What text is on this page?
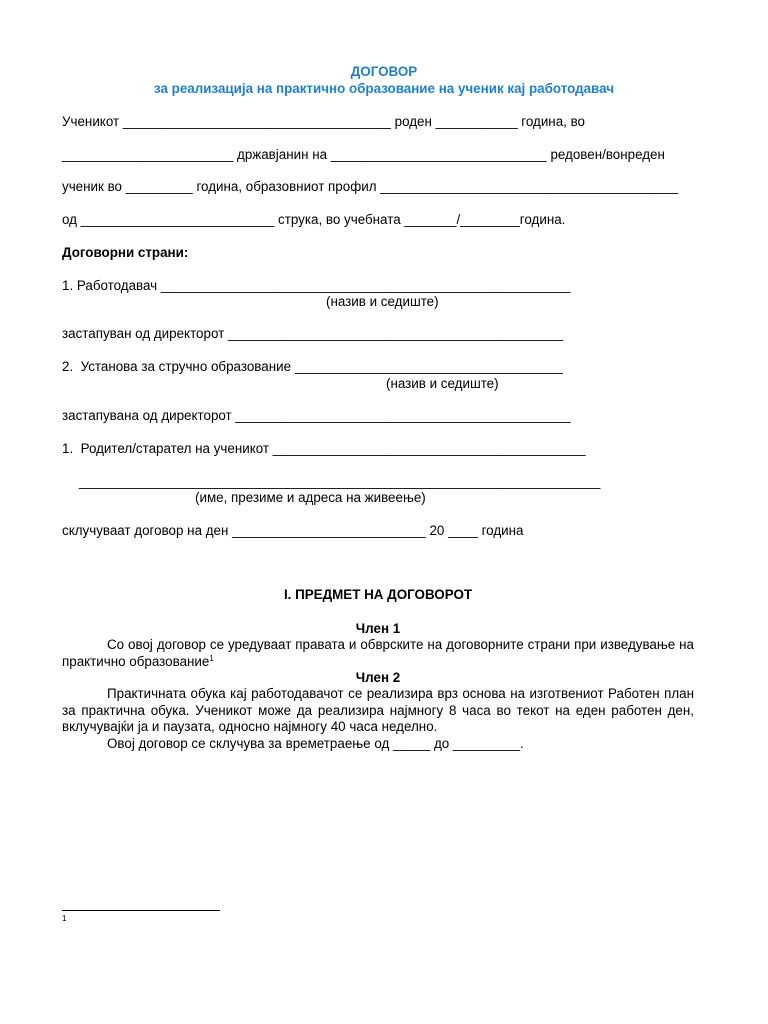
ДОГОВОР
за реализација на практично образование на ученик кај работодавач
Ученикот ____________________________________ роден ___________ година, во
_______________________ државјанин на _____________________________ редовен/вонреден
ученик во _________ година, образовниот профил ________________________________________
од __________________________ струка, во учебната _______/________година.
Договорни страни:
1. Работодавач _______________________________________________________
(назив и седиште)
застапуван од директорот _____________________________________________
2.  Установа за стручно образование ____________________________________
(назив и седиште)
застапувана од директорот _____________________________________________
1.  Родител/старател на ученикот __________________________________________
______________________________________________________________________
(име, презиме и адреса на живеење)
склучуваат договор на ден __________________________ 20 ____ година
I. ПРЕДМЕТ НА ДОГОВОРОТ
Член 1
Со овој договор се уредуваат правата и обврските на договорните страни при изведување на практично образование$^1$
Член 2
Практичната обука кај работодавачот се реализира врз основа на изготвениот Работен план за практична обука. Ученикот може да реализира најмногу 8 часа во текот на еден работен ден, вклучувајќи ја и паузата, односно најмногу 40 часа неделно.
Овој договор се склучува за времетраење од _____ до _________.
1
